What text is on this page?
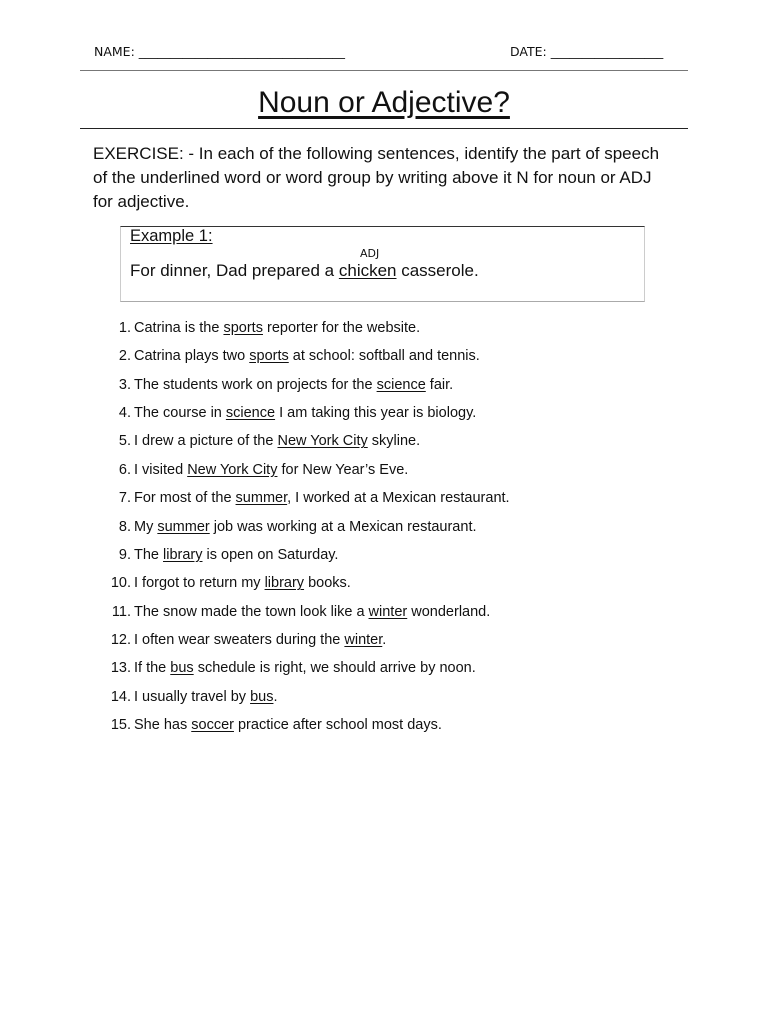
NAME: _________________________________	DATE: __________________
Noun or Adjective?
EXERCISE: - In each of the following sentences, identify the part of speech of the underlined word or word group by writing above it N for noun or ADJ for adjective.
Example 1:
ADJ
For dinner, Dad prepared a chicken casserole.
1. Catrina is the sports reporter for the website.
2. Catrina plays two sports at school: softball and tennis.
3. The students work on projects for the science fair.
4. The course in science I am taking this year is biology.
5. I drew a picture of the New York City skyline.
6. I visited New York City for New Year’s Eve.
7. For most of the summer, I worked at a Mexican restaurant.
8. My summer job was working at a Mexican restaurant.
9. The library is open on Saturday.
10. I forgot to return my library books.
11. The snow made the town look like a winter wonderland.
12. I often wear sweaters during the winter.
13. If the bus schedule is right, we should arrive by noon.
14. I usually travel by bus.
15. She has soccer practice after school most days.
